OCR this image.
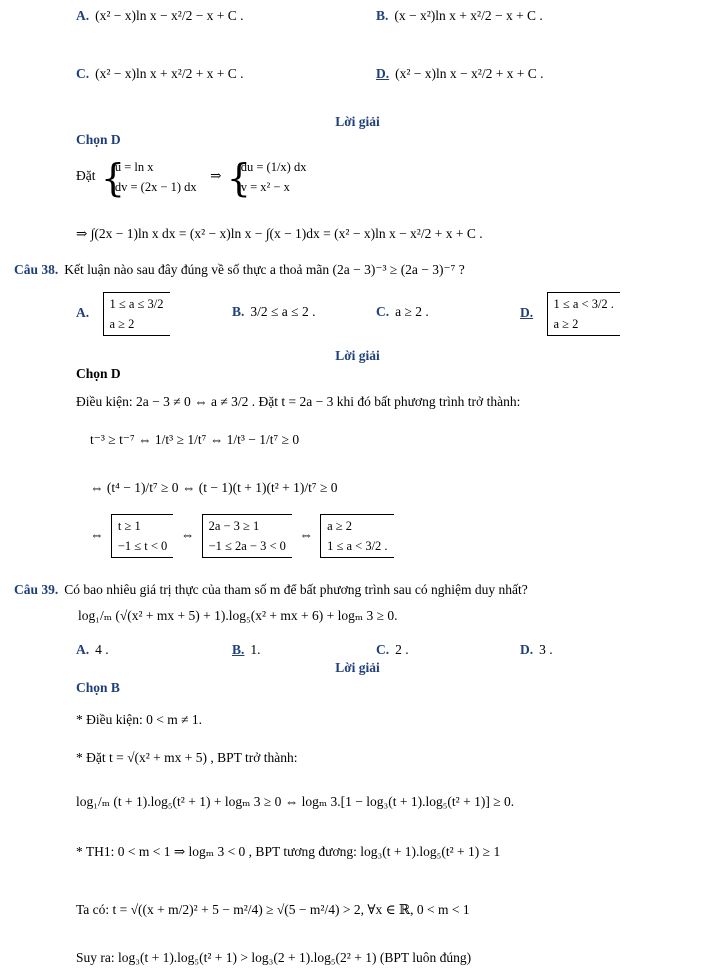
A. (x² − x)ln x − x²/2 − x + C .	B. (x − x²)ln x + x²/2 − x + C .
C. (x² − x)ln x + x²/2 + x + C .	D. (x² − x)ln x − x²/2 + x + C .
Lời giải
Chọn D
Đặt
{ u = ln x
dv = (2x − 1) dx
⇒
{ du = (1/x) dx
v = x² − x
⇒ ∫(2x − 1)ln x dx = (x² − x)ln x − ∫(x − 1)dx = (x² − x)ln x − x²/2 + x + C .
Câu 38. Kết luận nào sau đây đúng về số thực a thoả mãn (2a − 3)⁻³ ≥ (2a − 3)⁻⁷ ?
A.
1 ≤ a ≤ 3/2
a ≥ 2
B. 3/2 ≤ a ≤ 2 .	C. a ≥ 2 .	D.
1 ≤ a < 3/2 .
a ≥ 2
Lời giải
Chọn D
Điều kiện: 2a − 3 ≠ 0 ⇔ a ≠ 3/2 . Đặt t = 2a − 3 khi đó bất phương trình trở thành:
t⁻³ ≥ t⁻⁷ ⇔ 1/t³ ≥ 1/t⁷ ⇔ 1/t³ − 1/t⁷ ≥ 0
⇔ (t⁴ − 1)/t⁷ ≥ 0 ⇔ (t − 1)(t + 1)(t² + 1)/t⁷ ≥ 0
⇔
t ≥ 1
−1 ≤ t < 0
⇔
2a − 3 ≥ 1
−1 ≤ 2a − 3 < 0
⇔
a ≥ 2
1 ≤ a < 3/2 .
Câu 39. Có bao nhiêu giá trị thực của tham số m để bất phương trình sau có nghiệm duy nhất?
log₁/ₘ (√(x² + mx + 5) + 1).log₅(x² + mx + 6) + logₘ 3 ≥ 0.
A. 4 .	B. 1.	C. 2 .	D. 3 .
Lời giải
Chọn B
* Điều kiện: 0 < m ≠ 1.
* Đặt t = √(x² + mx + 5) , BPT trở thành:
log₁/ₘ (t + 1).log₅(t² + 1) + logₘ 3 ≥ 0 ⇔ logₘ 3.[1 − log₃(t + 1).log₅(t² + 1)] ≥ 0.
* TH1: 0 < m < 1 ⇒ logₘ 3 < 0 , BPT tương đương: log₃(t + 1).log₅(t² + 1) ≥ 1
Ta có: t = √((x + m/2)² + 5 − m²/4) ≥ √(5 − m²/4) > 2, ∀x ∈ ℝ, 0 < m < 1
Suy ra: log₃(t + 1).log₅(t² + 1) > log₃(2 + 1).log₅(2² + 1) (BPT luôn đúng)
